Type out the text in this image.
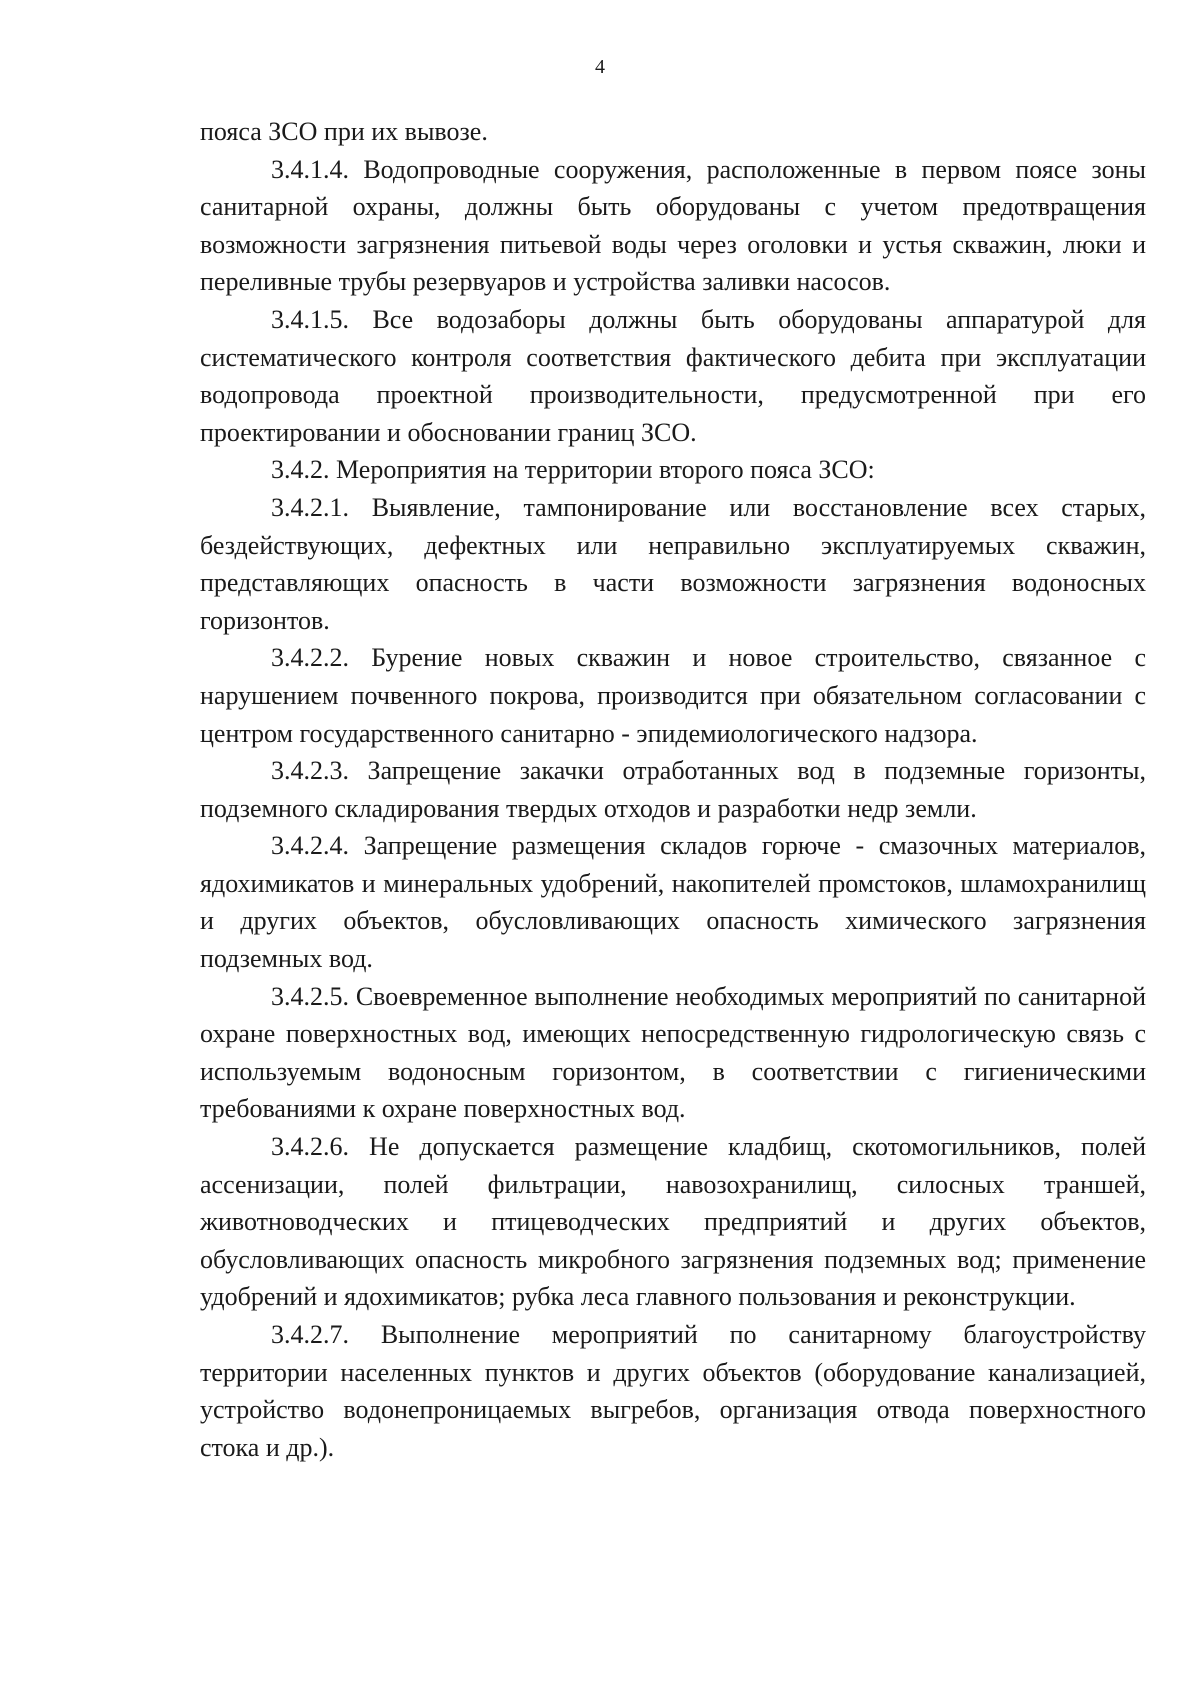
4

пояса ЗСО при их вывозе.

3.4.1.4. Водопроводные сооружения, расположенные в первом поясе зоны санитарной охраны, должны быть оборудованы с учетом предотвращения возможности загрязнения питьевой воды через оголовки и устья скважин, люки и переливные трубы резервуаров и устройства заливки насосов.

3.4.1.5. Все водозаборы должны быть оборудованы аппаратурой для систематического контроля соответствия фактического дебита при эксплуатации водопровода проектной производительности, предусмотренной при его проектировании и обосновании границ ЗСО.

3.4.2. Мероприятия на территории второго пояса ЗСО:

3.4.2.1. Выявление, тампонирование или восстановление всех старых, бездействующих, дефектных или неправильно эксплуатируемых скважин, представляющих опасность в части возможности загрязнения водоносных горизонтов.

3.4.2.2. Бурение новых скважин и новое строительство, связанное с нарушением почвенного покрова, производится при обязательном согласовании с центром государственного санитарно - эпидемиологического надзора.

3.4.2.3. Запрещение закачки отработанных вод в подземные горизонты, подземного складирования твердых отходов и разработки недр земли.

3.4.2.4. Запрещение размещения складов горюче - смазочных материалов, ядохимикатов и минеральных удобрений, накопителей промстоков, шламохранилищ и других объектов, обусловливающих опасность химического загрязнения подземных вод.

3.4.2.5. Своевременное выполнение необходимых мероприятий по санитарной охране поверхностных вод, имеющих непосредственную гидрологическую связь с используемым водоносным горизонтом, в соответствии с гигиеническими требованиями к охране поверхностных вод.

3.4.2.6. Не допускается размещение кладбищ, скотомогильников, полей ассенизации, полей фильтрации, навозохранилищ, силосных траншей, животноводческих и птицеводческих предприятий и других объектов, обусловливающих опасность микробного загрязнения подземных вод; применение удобрений и ядохимикатов; рубка леса главного пользования и реконструкции.

3.4.2.7. Выполнение мероприятий по санитарному благоустройству территории населенных пунктов и других объектов (оборудование канализацией, устройство водонепроницаемых выгребов, организация отвода поверхностного стока и др.).
